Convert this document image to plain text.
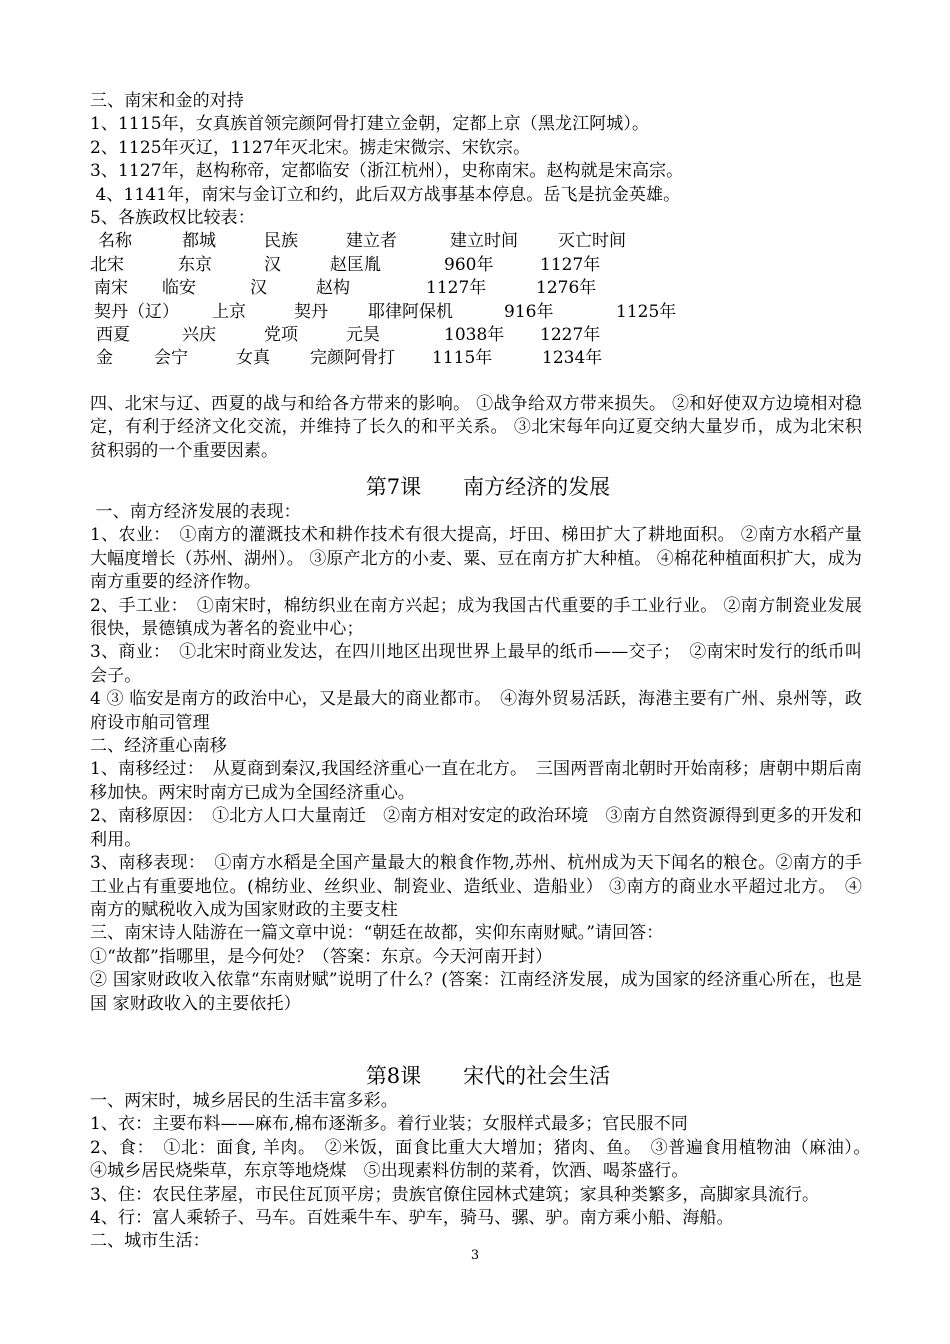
三、南宋和金的对持
1、1115年，女真族首领完颜阿骨打建立金朝，定都上京（黑龙江阿城）。
2、1125年灭辽，1127年灭北宋。掳走宋微宗、宋钦宗。
3、1127年，赵构称帝，定都临安（浙江杭州），史称南宋。赵构就是宋高宗。
4、1141年，南宋与金订立和约，此后双方战事基本停息。岳飞是抗金英雄。
5、各族政权比较表：
名称	都城	民族	建立者	建立时间 灭亡时间
北宋	东京	汉	赵匡胤	960年	1127年
南宋 临安	汉	赵构	1127年	1276年
契丹（辽） 上京	契丹 耶律阿保机	916年	1125年
西夏	兴庆	党项	元昊	1038年 1227年
金 会宁	女真 完颜阿骨打 1115年	1234年
四、北宋与辽、西夏的战与和给各方带来的影响。 ①战争给双方带来损失。 ②和好使双方边境相对稳定，有利于经济文化交流，并维持了长久的和平关系。 ③北宋每年向辽夏交纳大量岁币，成为北宋积贫积弱的一个重要因素。
第7课　　南方经济的发展
一、南方经济发展的表现：
1、农业：　①南方的灌溉技术和耕作技术有很大提高，圩田、梯田扩大了耕地面积。 ②南方水稻产量大幅度增长（苏州、湖州）。 ③原产北方的小麦、粟、豆在南方扩大种植。 ④棉花种植面积扩大，成为南方重要的经济作物。
2、手工业：　①南宋时，棉纺织业在南方兴起；成为我国古代重要的手工业行业。 ②南方制瓷业发展很快，景德镇成为著名的瓷业中心；
3、商业：　①北宋时商业发达，在四川地区出现世界上最早的纸币——交子；　②南宋时发行的纸币叫会子。
4 ③ 临安是南方的政治中心，又是最大的商业都市。　④海外贸易活跃，海港主要有广州、泉州等，政府设市舶司管理
二、经济重心南移
1、南移经过：　从夏商到秦汉,我国经济重心一直在北方。　三国两晋南北朝时开始南移；唐朝中期后南移加快。两宋时南方已成为全国经济重心。
2、南移原因：　①北方人口大量南迁　②南方相对安定的政治环境　③南方自然资源得到更多的开发和利用。
3、南移表现：　①南方水稻是全国产量最大的粮食作物,苏州、杭州成为天下闻名的粮仓。②南方的手工业占有重要地位。(棉纺业、丝织业、制瓷业、造纸业、造船业） ③南方的商业水平超过北方。　④南方的赋税收入成为国家财政的主要支柱
三、南宋诗人陆游在一篇文章中说：“朝廷在故都，实仰东南财赋。”请回答：
①“故都”指哪里，是今何处？（答案：东京。今天河南开封）
② 国家财政收入依靠“东南财赋”说明了什么？(答案：江南经济发展，成为国家的经济重心所在，也是国 家财政收入的主要依托）
第8课　　宋代的社会生活
一、两宋时，城乡居民的生活丰富多彩。
1、衣：主要布料——麻布,棉布逐渐多。着行业装；女服样式最多；官民服不同
2、食：　①北：面食, 羊肉。　②米饭，面食比重大大增加；猪肉、鱼。　③普遍食用植物油（麻油）。　④城乡居民烧柴草，东京等地烧煤　⑤出现素料仿制的菜肴，饮酒、喝茶盛行。
3、住：农民住茅屋，市民住瓦顶平房；贵族官僚住园林式建筑；家具种类繁多，高脚家具流行。
4、行：富人乘轿子、马车。百姓乘牛车、驴车，骑马、骡、驴。南方乘小船、海船。
二、城市生活：
3
